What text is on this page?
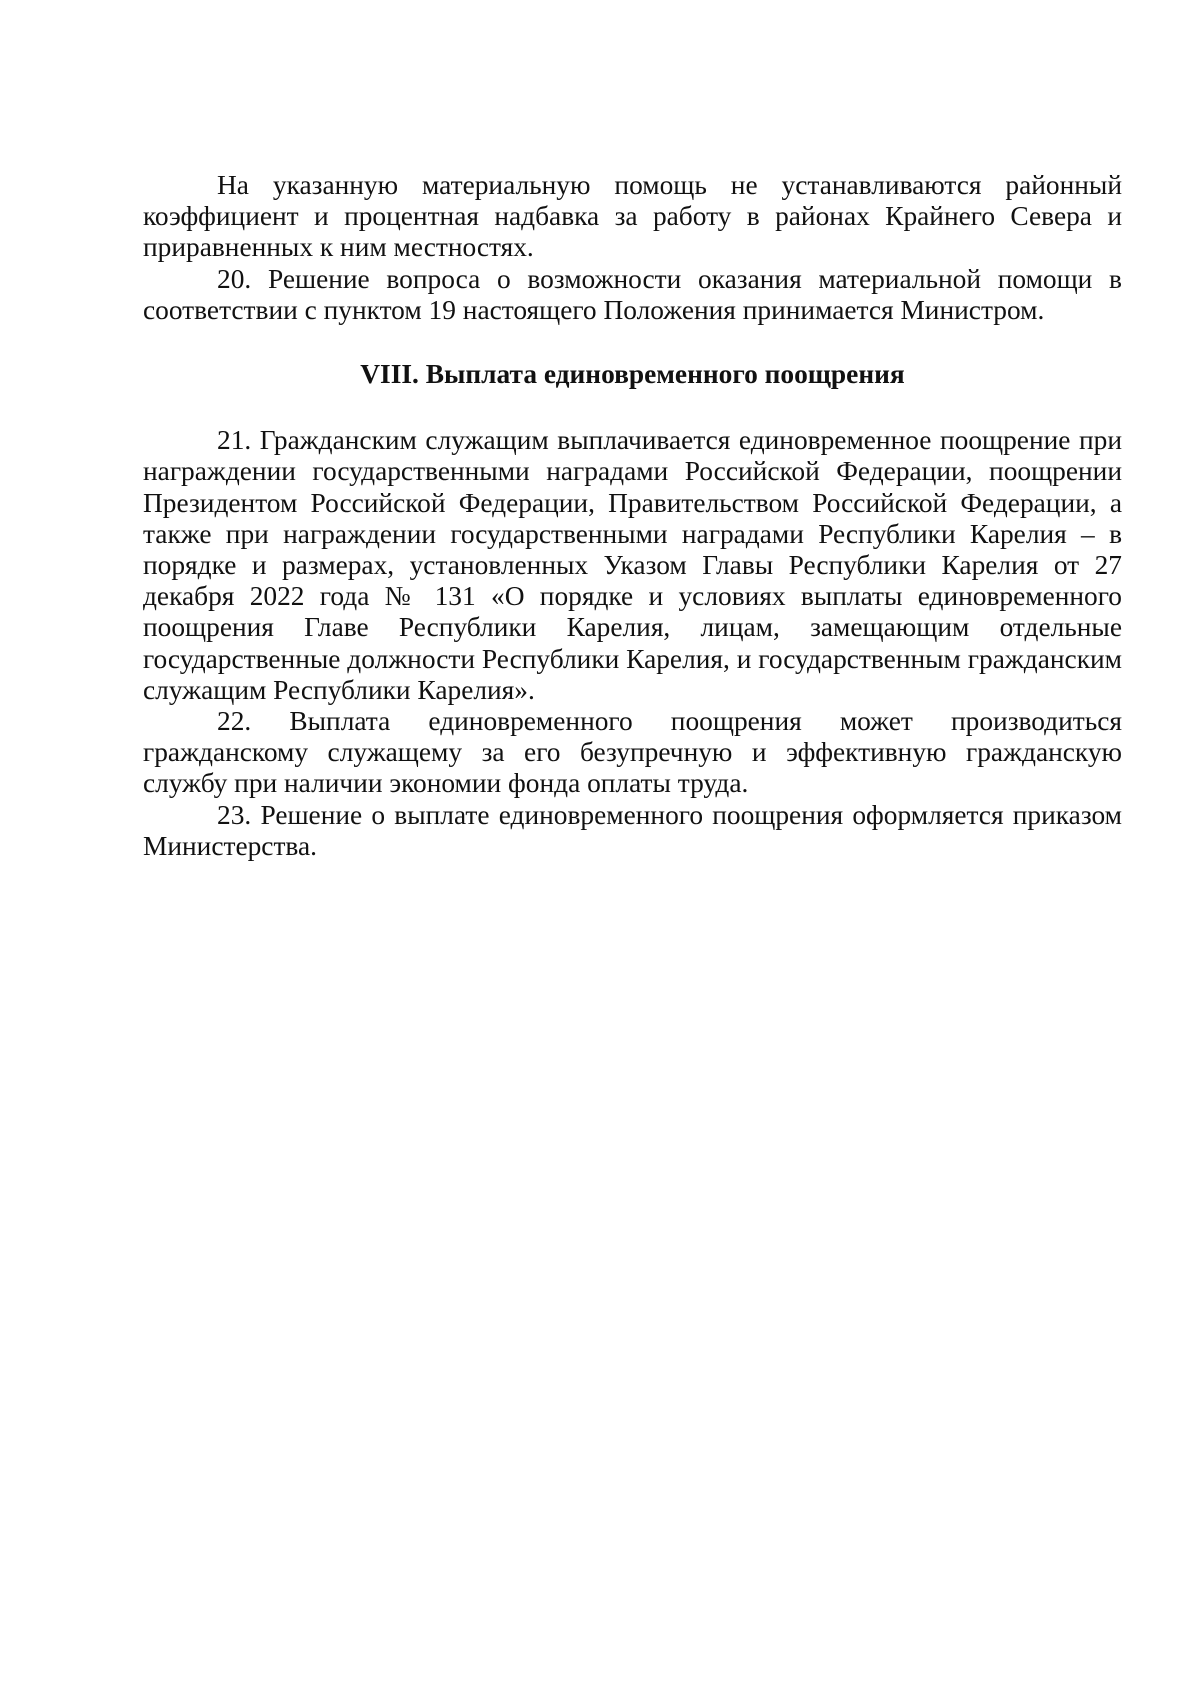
На указанную материальную помощь не устанавливаются районный коэффициент и процентная надбавка за работу в районах Крайнего Севера и приравненных к ним местностях.

20. Решение вопроса о возможности оказания материальной помощи в соответствии с пунктом 19 настоящего Положения принимается Министром.

VIII. Выплата единовременного поощрения

21. Гражданским служащим выплачивается единовременное поощрение при награждении государственными наградами Российской Федерации, поощрении Президентом Российской Федерации, Правительством Российской Федерации, а также при награждении государственными наградами Республики Карелия – в порядке и размерах, установленных Указом Главы Республики Карелия от 27 декабря 2022 года № 131 «О порядке и условиях выплаты единовременного поощрения Главе Республики Карелия, лицам, замещающим отдельные государственные должности Республики Карелия, и государственным гражданским служащим Республики Карелия».

22. Выплата единовременного поощрения может производиться гражданскому служащему за его безупречную и эффективную гражданскую службу при наличии экономии фонда оплаты труда.

23. Решение о выплате единовременного поощрения оформляется приказом Министерства.
